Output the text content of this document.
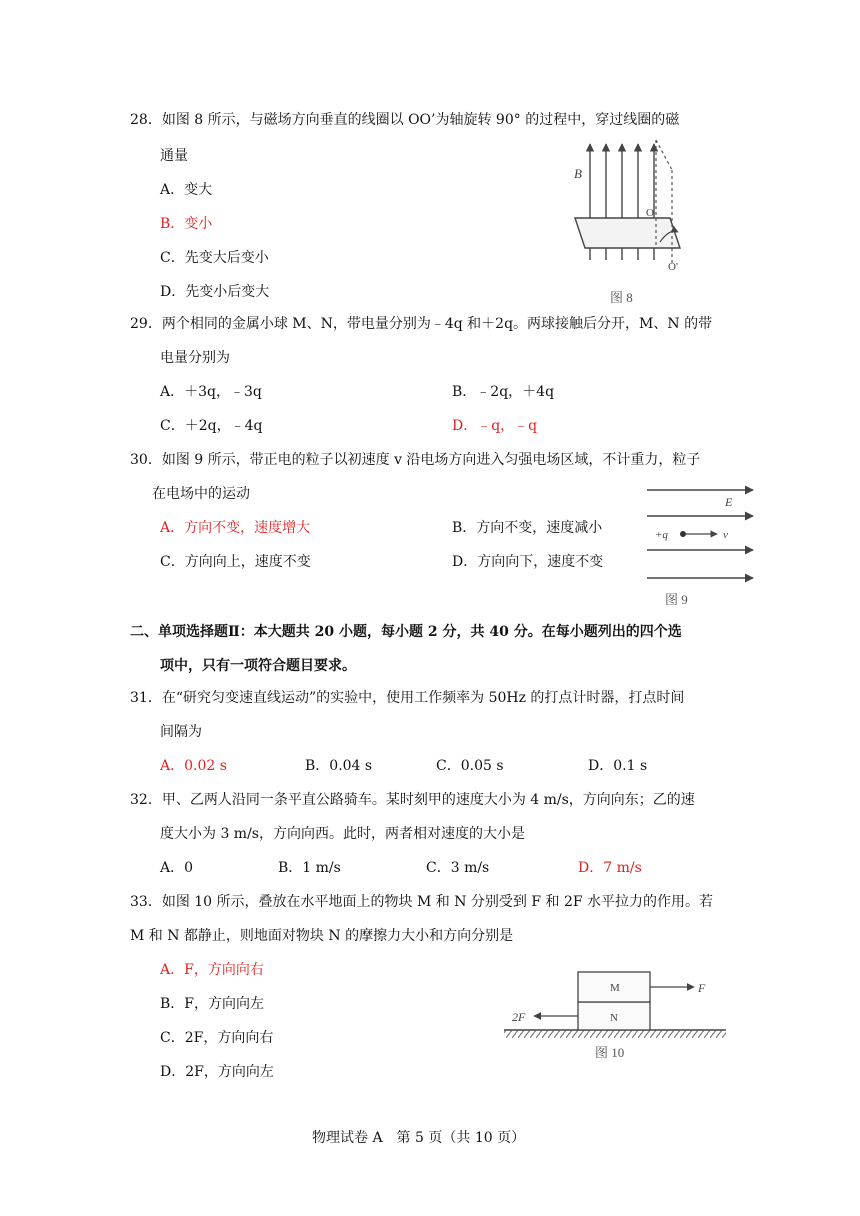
28．如图 8 所示，与磁场方向垂直的线圈以 OO’为轴旋转 90° 的过程中，穿过线圈的磁
通量
A．变大
B．变小
C．先变大后变小
D．先变小后变大
B
O
O'
图 8
29．两个相同的金属小球 M、N，带电量分别为﹣4q 和＋2q。两球接触后分开，M、N 的带
电量分别为
A．＋3q，﹣3q	B．﹣2q，＋4q
C．＋2q，﹣4q	D．﹣q，﹣q
30．如图 9 所示，带正电的粒子以初速度 v 沿电场方向进入匀强电场区域，不计重力，粒子
在电场中的运动
A．方向不变，速度增大	B．方向不变，速度减小
C．方向向上，速度不变	D．方向向下，速度不变
E
+q	v
图 9
二、单项选择题Ⅱ：本大题共 20 小题，每小题 2 分，共 40 分。在每小题列出的四个选
项中，只有一项符合题目要求。
31．在“研究匀变速直线运动”的实验中，使用工作频率为 50Hz 的打点计时器，打点时间
间隔为
A．0.02 s	B．0.04 s	C．0.05 s	D．0.1 s
32．甲、乙两人沿同一条平直公路骑车。某时刻甲的速度大小为 4 m/s，方向向东；乙的速
度大小为 3 m/s，方向向西。此时，两者相对速度的大小是
A．0	B．1 m/s	C．3 m/s	D．7 m/s
33．如图 10 所示，叠放在水平地面上的物块 M 和 N 分别受到 F 和 2F 水平拉力的作用。若
M 和 N 都静止，则地面对物块 N 的摩擦力大小和方向分别是
A．F，方向向右
B．F，方向向左
C．2F，方向向右
D．2F，方向向左
M
N
F
2F
图 10
物理试卷 A　第 5 页（共 10 页）
